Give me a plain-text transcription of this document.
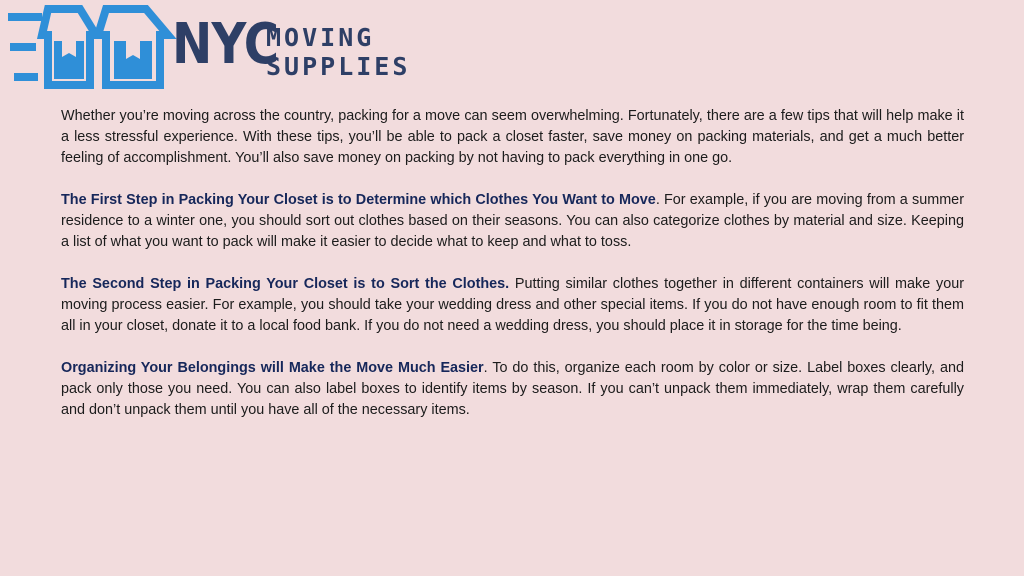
NYC
MOVING
SUPPLIES

Whether you’re moving across the country, packing for a move can seem overwhelming. Fortunately, there are a few tips that will help make it a less stressful experience. With these tips, you’ll be able to pack a closet faster, save money on packing materials, and get a much better feeling of accomplishment. You’ll also save money on packing by not having to pack everything in one go.

The First Step in Packing Your Closet is to Determine which Clothes You Want to Move. For example, if you are moving from a summer residence to a winter one, you should sort out clothes based on their seasons. You can also categorize clothes by material and size. Keeping a list of what you want to pack will make it easier to decide what to keep and what to toss.

The Second Step in Packing Your Closet is to Sort the Clothes. Putting similar clothes together in different containers will make your moving process easier. For example, you should take your wedding dress and other special items. If you do not have enough room to fit them all in your closet, donate it to a local food bank. If you do not need a wedding dress, you should place it in storage for the time being.

Organizing Your Belongings will Make the Move Much Easier. To do this, organize each room by color or size. Label boxes clearly, and pack only those you need. You can also label boxes to identify items by season. If you can’t unpack them immediately, wrap them carefully and don’t unpack them until you have all of the necessary items.
